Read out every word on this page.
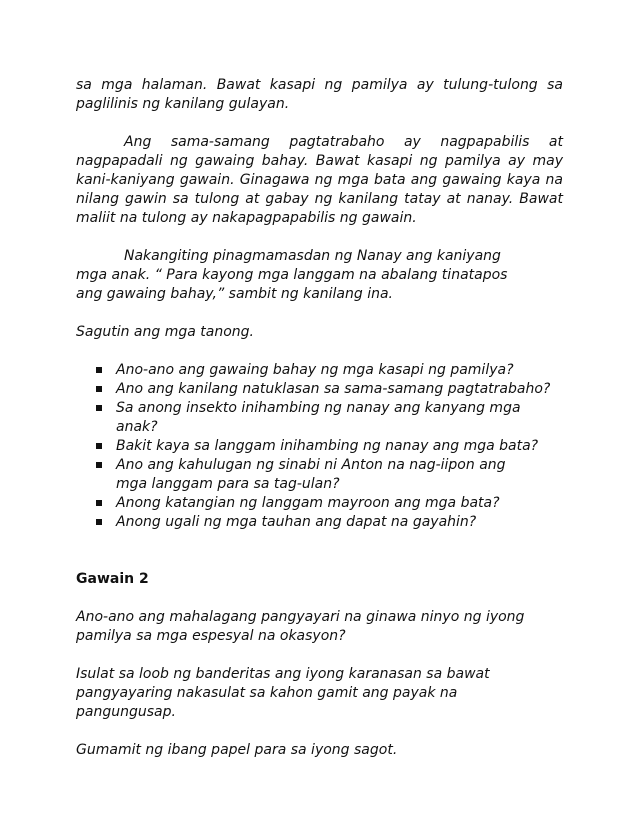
sa mga halaman. Bawat kasapi ng pamilya ay tulung-tulong sa paglilinis ng kanilang gulayan.

Ang sama-samang pagtatrabaho ay nagpapabilis at nagpapadali ng gawaing bahay. Bawat kasapi ng pamilya ay may kani-kaniyang gawain. Ginagawa ng mga bata ang gawaing kaya na nilang gawin sa tulong at gabay ng kanilang tatay at nanay. Bawat maliit na tulong ay nakapagpapabilis ng gawain.

Nakangiting pinagmamasdan ng Nanay ang kaniyang mga anak. “ Para kayong mga langgam na abalang tinatapos ang gawaing bahay,” sambit ng kanilang ina.

Sagutin ang mga tanong.

Ano-ano ang gawaing bahay ng mga kasapi ng pamilya?
Ano ang kanilang natuklasan sa sama-samang pagtatrabaho?
Sa anong insekto inihambing ng nanay ang kanyang mga anak?
Bakit kaya sa langgam inihambing ng nanay ang mga bata?
Ano ang kahulugan ng sinabi ni Anton na nag-iipon ang mga langgam para sa tag-ulan?
Anong katangian ng langgam mayroon ang mga bata?
Anong ugali ng mga tauhan ang dapat na gayahin?

Gawain 2

Ano-ano ang mahalagang pangyayari na ginawa ninyo ng iyong pamilya sa mga espesyal na okasyon?

Isulat sa loob ng banderitas ang iyong karanasan sa bawat pangyayaring nakasulat sa kahon gamit ang payak na pangungusap.

Gumamit ng ibang papel para sa iyong sagot.
